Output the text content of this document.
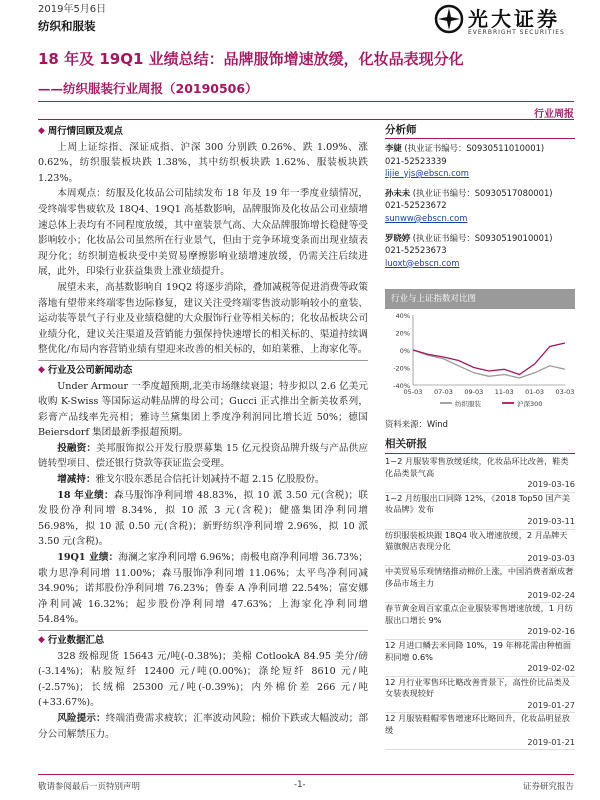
2019年5月6日
纺织和服装	光大证券
EVERBRIGHT SECURITIES
18 年及 19Q1 业绩总结：品牌服饰增速放缓，化妆品表现分化
——纺织服装行业周报（20190506）
行业周报
◆ 周行情回顾及观点

上周上证综指、深证成指、沪深 300 分别跌 0.26%、跌 1.09%、涨 0.62%，纺织服装板块跌 1.38%，其中纺织板块跌 1.62%、服装板块跌 1.23%。

本周观点：纺服及化妆品公司陆续发布 18 年及 19 年一季度业绩情况，受终端零售疲软及 18Q4、19Q1 高基数影响，品牌服饰及化妆品公司业绩增速总体上表均有不同程度放缓，其中童装景气高、大众品牌服饰增长稳健等受影响较小；化妆品公司虽然所在行业景气，但由于竞争环境变条而出现业绩表现分化；纺织制造板块受中美贸易摩擦影响业绩增速放缓，仍需关注后续进展，此外，印染行业获益集贵上涨业绩提升。

展望未来，高基数影响自 19Q2 将逐步消除，叠加减税等促进消费等政策落地有望带来终端零售边际修复，建议关注受终端零售波动影响较小的童装、运动装等景气子行业及业绩稳健的大众服饰行业等相关标的；化妆品板块公司业绩分化，建议关注渠道及营销能力强保持快速增长的相关标的、渠道持续调整优化/布局内容营销业绩有望迎来改善的相关标的，如珀莱雅、上海家化等。

◆ 行业及公司新闻动态

Under Armour 一季度超预期,北美市场继续衰退；特步拟以 2.6 亿美元收购 K-Swiss 等国际运动鞋品牌的母公司；Gucci 正式推出全新美妆系列，彩膏产品线率先亮相；雅诗兰黛集团上季度净利润同比增长近 50%；德国 Beiersdorf 集团最新季报超预期。

投融资：美邦服饰拟公开发行股票募集 15 亿元投资品牌升级与产品供应链转型项目、偿还银行贷款等获证监会受理。

增减持：雅戈尔股东悉昆合信托计划减持不超 2.15 亿股股份。

18 年业绩：森马服饰净利同增 48.83%，拟 10 派 3.50 元(含税)；联发股份净利同增 8.34%，拟 10 派 3 元(含税)；健盛集团净利同增 56.98%，拟 10 派 0.50 元(含税)；新野纺织净利同增 2.96%，拟 10 派 3.50 元(含税)。

19Q1 业绩：海澜之家净利同增 6.96%；南极电商净利同增 36.73%；歌力思净利同增 11.00%；森马服饰净利同增 11.06%；太平鸟净利同减 34.90%；诺邦股份净利同增 76.23%；鲁泰 A 净利同增 22.54%；富安娜净利同减 16.32%；起步股份净利同增 47.63%；上海家化净利同增 54.84%。

◆ 行业数据汇总

328 级棉现货 15643 元/吨(-0.38%)；美棉 CotlookA 84.95 美分/磅(-3.14%)；粘胶短纤 12400 元/吨(0.00%)；涤纶短纤 8610 元/吨(-2.57%)；长绒棉 25300 元/吨(-0.39%)；内外棉价差 266 元/吨(+33.67%)。

风险提示：终端消费需求疲软；汇率波动风险；棉价下跌或大幅波动；部分公司解禁压力。

分析师
李婕 (执业证书编号：S0930511010001)
021-52523339
lijie_yjs@ebscn.com
孙未未 (执业证书编号：S0930517080001)
021-52523672
sunww@ebscn.com
罗晓婷 (执业证书编号：S0930519010001)
021-52523673
luoxt@ebscn.com
行业与上证指数对比图
40%
20%
0%
-20%
-40%
05-03 07-03 09-03 11-03 01-03 03-03
纺织服装	沪深300
资料来源：Wind
相关研报
1~2 月服装零售放缓延续，化妆品环比改善，鞋类化品类景气高
2019-03-16
1~2 月纺服出口同降 12%，《2018 Top50 国产美妆品牌》发布
2019-03-11
纺织服装板块跟 18Q4 收入增速放缓，2 月品牌天猫旗舰店表现分化
2019-03-03
中美贸易乐观情绪推动棉价上涨，中国消费者渐成奢侈品市场主力
2019-02-24
春节黄金周百家重点企业服装零售增速放缓，1 月纺服出口增长 9%
2019-02-16
12 月进口鳞去米同降 10%，19 年棉花需由种植面积同增 0.6%
2019-02-02
12 月行业零售环比略改善背景下，高性价比品类及女装表现较好
2019-01-27
12 月服装鞋帽零售增速环比略回升，化妆品明显放缓
2019-01-21
敬请参阅最后一页特别声明	-1-	证券研究报告
